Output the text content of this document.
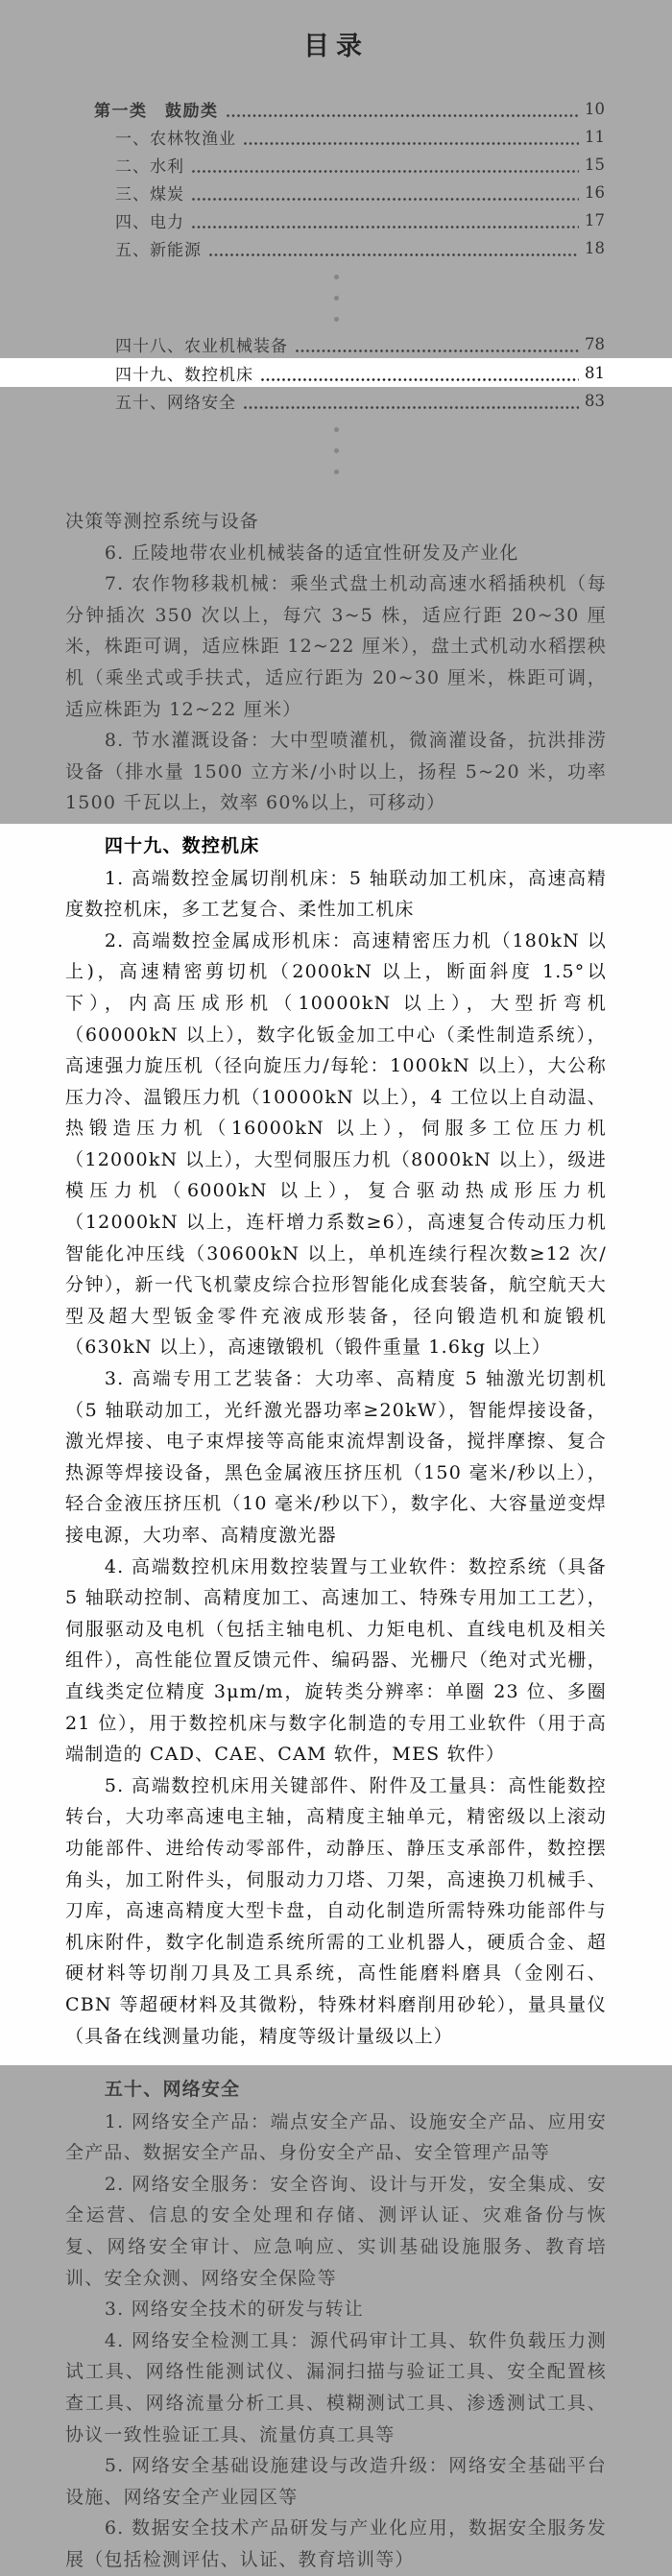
目录
第一类　鼓励类	10
一、农林牧渔业	11
二、水利	15
三、煤炭	16
四、电力	17
五、新能源	18
四十八、农业机械装备	78
四十九、数控机床	81
五十、网络安全	83

决策等测控系统与设备

6. 丘陵地带农业机械装备的适宜性研发及产业化

7. 农作物移栽机械：乘坐式盘土机动高速水稻插秧机（每分钟插次 350 次以上，每穴 3~5 株，适应行距 20~30 厘米，株距可调，适应株距 12~22 厘米），盘土式机动水稻摆秧机（乘坐式或手扶式，适应行距为 20~30 厘米，株距可调，适应株距为 12~22 厘米）

8. 节水灌溉设备：大中型喷灌机，微滴灌设备，抗洪排涝设备（排水量 1500 立方米/小时以上，扬程 5~20 米，功率 1500 千瓦以上，效率 60%以上，可移动）

四十九、数控机床

1. 高端数控金属切削机床：5 轴联动加工机床，高速高精度数控机床，多工艺复合、柔性加工机床

2. 高端数控金属成形机床：高速精密压力机（180kN 以上)，高速精密剪切机（2000kN 以上，断面斜度 1.5°以下），内高压成形机（10000kN 以上），大型折弯机（60000kN 以上），数字化钣金加工中心（柔性制造系统），高速强力旋压机（径向旋压力/每轮：1000kN 以上），大公称压力冷、温锻压力机（10000kN 以上），4 工位以上自动温、热锻造压力机（16000kN 以上），伺服多工位压力机（12000kN 以上），大型伺服压力机（8000kN 以上），级进模压力机（6000kN 以上），复合驱动热成形压力机（12000kN 以上，连杆增力系数≥6），高速复合传动压力机智能化冲压线（30600kN 以上，单机连续行程次数≥12 次/分钟），新一代飞机蒙皮综合拉形智能化成套装备，航空航天大型及超大型钣金零件充液成形装备，径向锻造机和旋锻机（630kN 以上），高速镦锻机（锻件重量 1.6kg 以上）

3. 高端专用工艺装备：大功率、高精度 5 轴激光切割机（5 轴联动加工，光纤激光器功率≥20kW），智能焊接设备，激光焊接、电子束焊接等高能束流焊割设备，搅拌摩擦、复合热源等焊接设备，黑色金属液压挤压机（150 毫米/秒以上），轻合金液压挤压机（10 毫米/秒以下），数字化、大容量逆变焊接电源，大功率、高精度激光器

4. 高端数控机床用数控装置与工业软件：数控系统（具备 5 轴联动控制、高精度加工、高速加工、特殊专用加工工艺），伺服驱动及电机（包括主轴电机、力矩电机、直线电机及相关组件），高性能位置反馈元件、编码器、光栅尺（绝对式光栅，直线类定位精度 3μm/m，旋转类分辨率：单圈 23 位、多圈 21 位），用于数控机床与数字化制造的专用工业软件（用于高端制造的 CAD、CAE、CAM 软件，MES 软件）

5. 高端数控机床用关键部件、附件及工量具：高性能数控转台，大功率高速电主轴，高精度主轴单元，精密级以上滚动功能部件、进给传动零部件，动静压、静压支承部件，数控摆角头，加工附件头，伺服动力刀塔、刀架，高速换刀机械手、刀库，高速高精度大型卡盘，自动化制造所需特殊功能部件与机床附件，数字化制造系统所需的工业机器人，硬质合金、超硬材料等切削刀具及工具系统，高性能磨料磨具（金刚石、CBN 等超硬材料及其微粉，特殊材料磨削用砂轮），量具量仪（具备在线测量功能，精度等级计量级以上）

五十、网络安全

1. 网络安全产品：端点安全产品、设施安全产品、应用安全产品、数据安全产品、身份安全产品、安全管理产品等

2. 网络安全服务：安全咨询、设计与开发，安全集成、安全运营、信息的安全处理和存储、测评认证、灾难备份与恢复、网络安全审计、应急响应、实训基础设施服务、教育培训、安全众测、网络安全保险等

3. 网络安全技术的研发与转让

4. 网络安全检测工具：源代码审计工具、软件负载压力测试工具、网络性能测试仪、漏洞扫描与验证工具、安全配置核查工具、网络流量分析工具、模糊测试工具、渗透测试工具、协议一致性验证工具、流量仿真工具等

5. 网络安全基础设施建设与改造升级：网络安全基础平台设施、网络安全产业园区等

6. 数据安全技术产品研发与产业化应用，数据安全服务发展（包括检测评估、认证、教育培训等）
